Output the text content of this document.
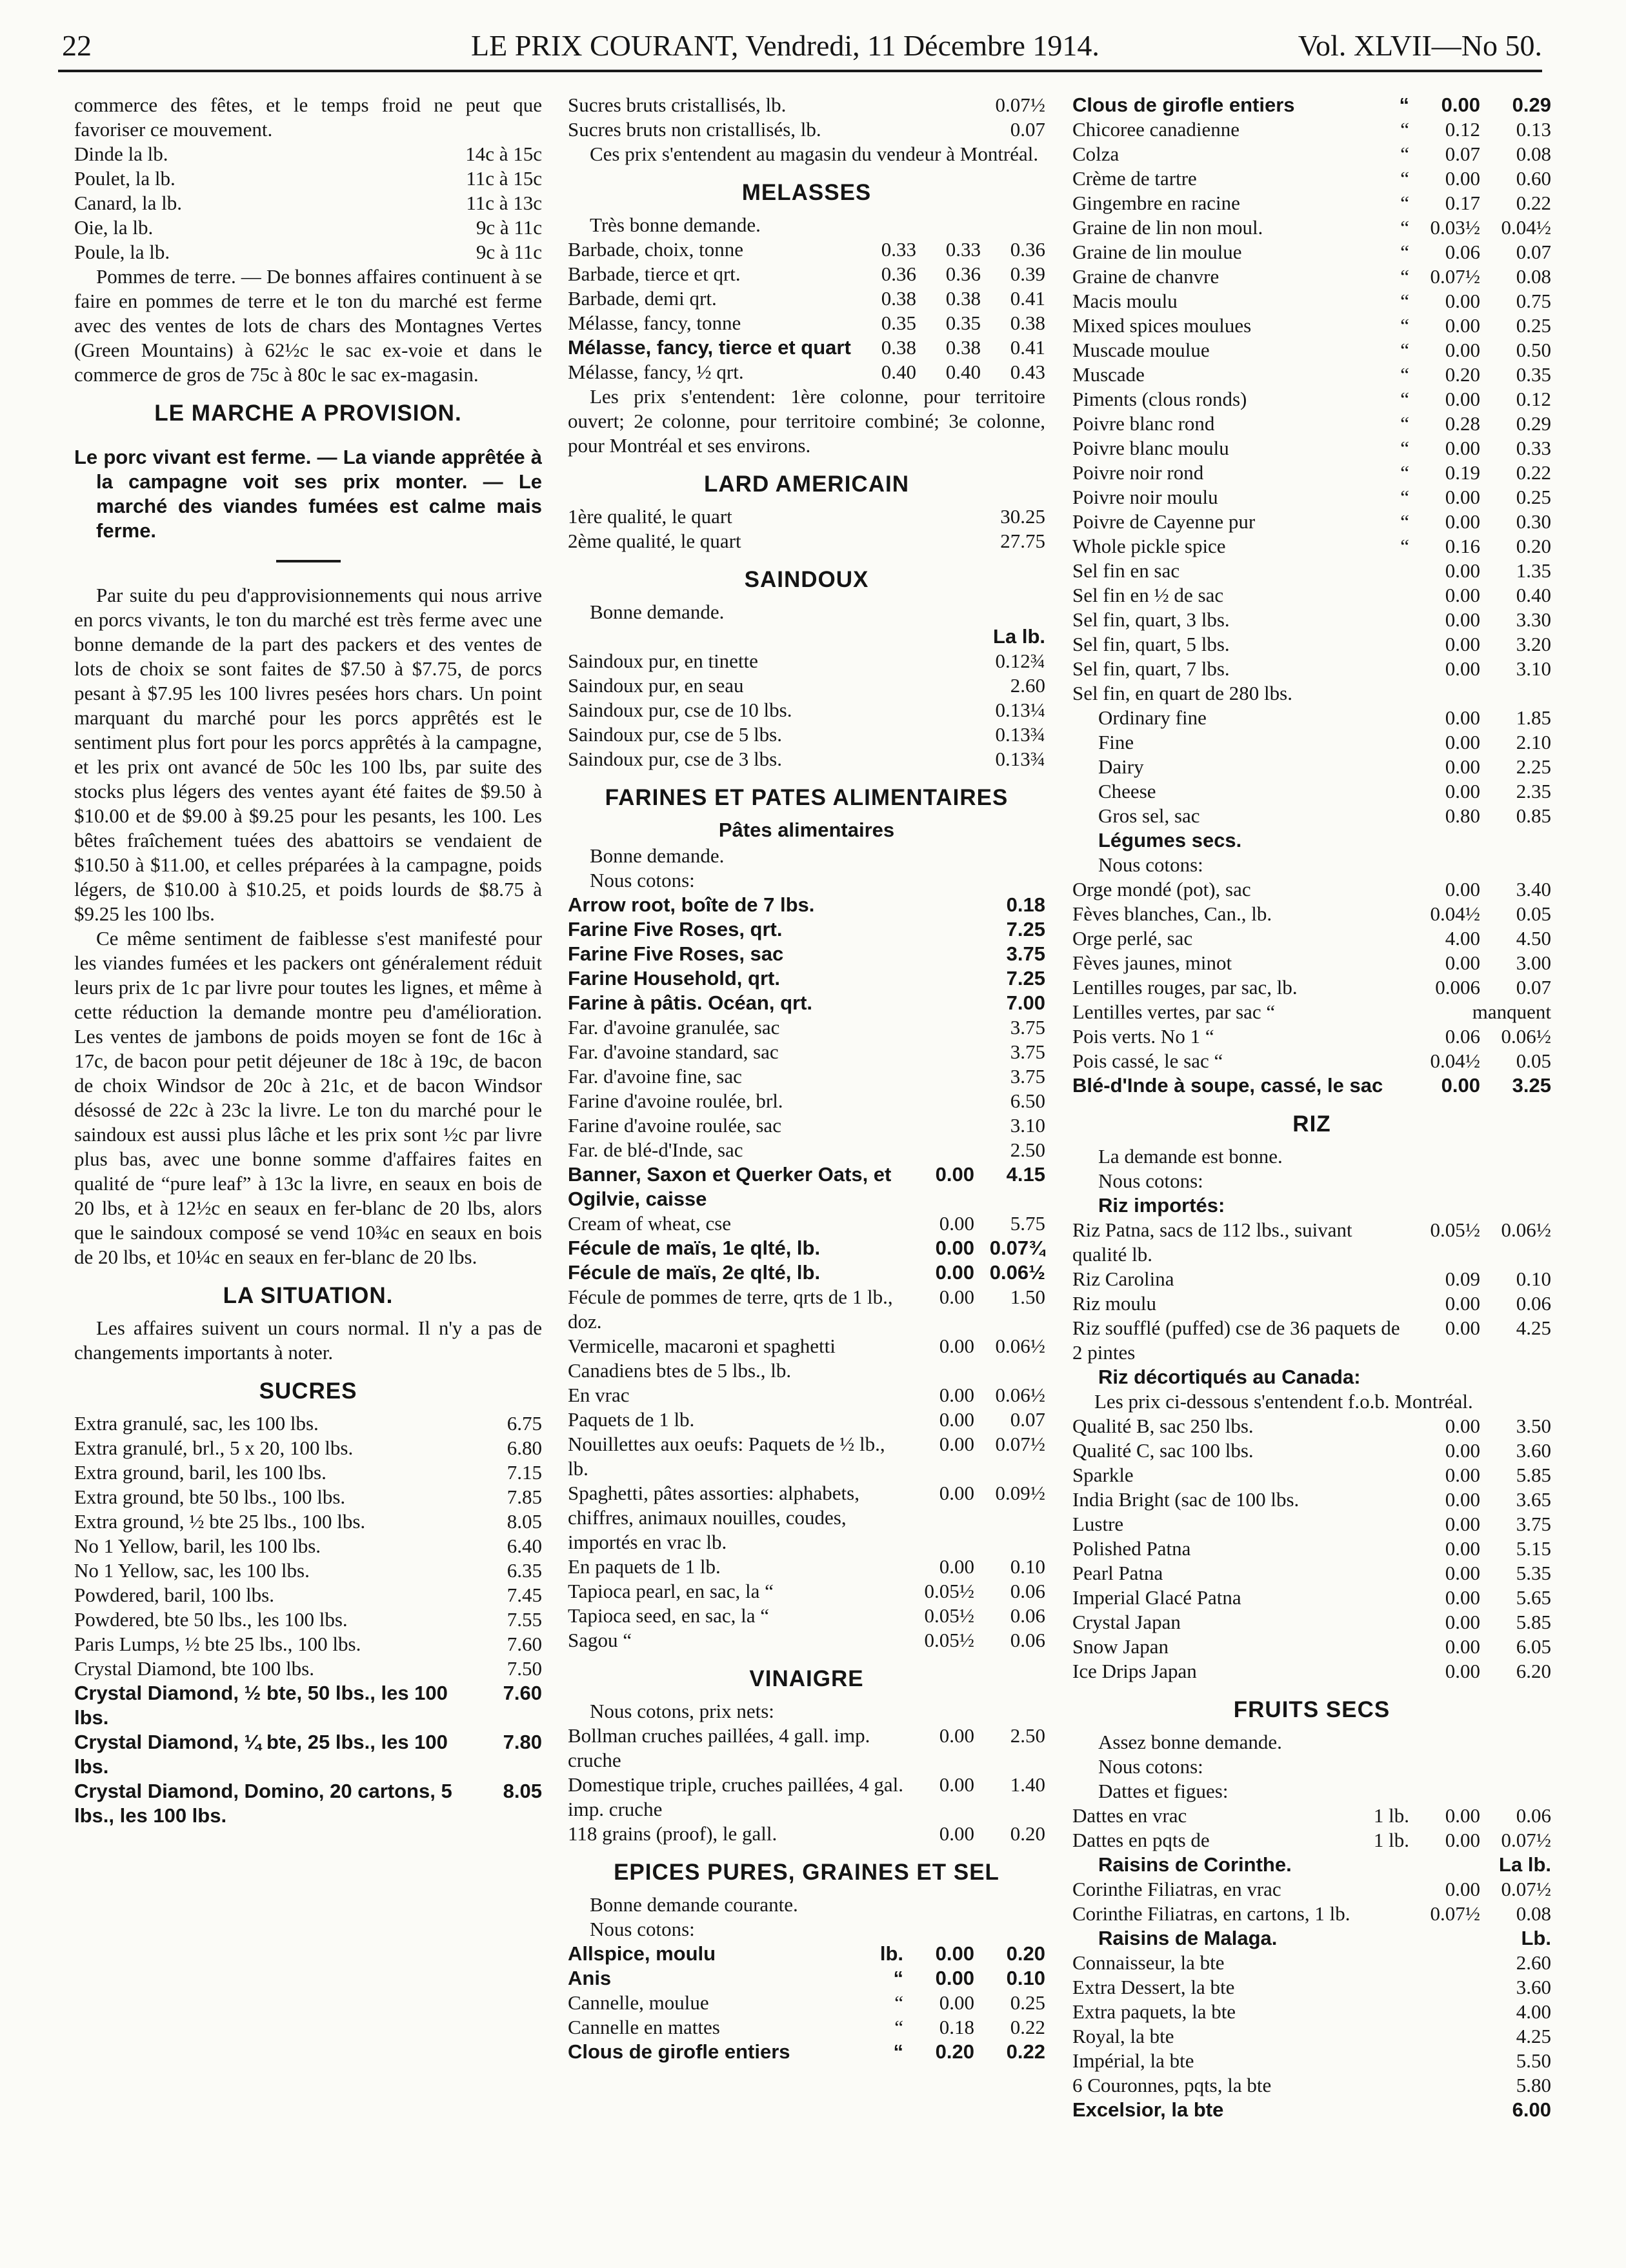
22	LE PRIX COURANT, Vendredi, 11 Décembre 1914.	Vol. XLVII—No 50.

commerce des fêtes, et le temps froid ne peut que favoriser ce mouvement.

Dinde la lb.	14c à 15c
Poulet, la lb.	11c à 15c
Canard, la lb.	11c à 13c
Oie, la lb.	9c à 11c
Poule, la lb.	9c à 11c

Pommes de terre. — De bonnes affaires continuent à se faire en pommes de terre et le ton du marché est ferme avec des ventes de lots de chars des Montagnes Vertes (Green Mountains) à 62½c le sac ex-voie et dans le commerce de gros de 75c à 80c le sac ex-magasin.

LE MARCHE A PROVISION.
Le porc vivant est ferme. — La viande apprêtée à la campagne voit ses prix monter. — Le marché des viandes fumées est calme mais ferme.

Par suite du peu d'approvisionnements qui nous arrive en porcs vivants, le ton du marché est très ferme avec une bonne demande de la part des packers et des ventes de lots de choix se sont faites de $7.50 à $7.75, de porcs pesant à $7.95 les 100 livres pesées hors chars. Un point marquant du marché pour les porcs apprêtés est le sentiment plus fort pour les porcs apprêtés à la campagne, et les prix ont avancé de 50c les 100 lbs, par suite des stocks plus légers des ventes ayant été faites de $9.50 à $10.00 et de $9.00 à $9.25 pour les pesants, les 100. Les bêtes fraîchement tuées des abattoirs se vendaient de $10.50 à $11.00, et celles préparées à la campagne, poids légers, de $10.00 à $10.25, et poids lourds de $8.75 à $9.25 les 100 lbs.

Ce même sentiment de faiblesse s'est manifesté pour les viandes fumées et les packers ont généralement réduit leurs prix de 1c par livre pour toutes les lignes, et même à cette réduction la demande montre peu d'amélioration. Les ventes de jambons de poids moyen se font de 16c à 17c, de bacon pour petit déjeuner de 18c à 19c, de bacon de choix Windsor de 20c à 21c, et de bacon Windsor désossé de 22c à 23c la livre. Le ton du marché pour le saindoux est aussi plus lâche et les prix sont ½c par livre plus bas, avec une bonne somme d'affaires faites en qualité de “pure leaf” à 13c la livre, en seaux en bois de 20 lbs, et à 12½c en seaux en fer-blanc de 20 lbs, alors que le saindoux composé se vend 10¾c en seaux en bois de 20 lbs, et 10¼c en seaux en fer-blanc de 20 lbs.

LA SITUATION.

Les affaires suivent un cours normal. Il n'y a pas de changements importants à noter.

SUCRES
Extra granulé, sac, les 100 lbs.	6.75
Extra granulé, brl., 5 x 20, 100 lbs.	6.80
Extra ground, baril, les 100 lbs.	7.15
Extra ground, bte 50 lbs., 100 lbs.	7.85
Extra ground, ½ bte 25 lbs., 100 lbs.	8.05
No 1 Yellow, baril, les 100 lbs.	6.40
No 1 Yellow, sac, les 100 lbs.	6.35
Powdered, baril, 100 lbs.	7.45
Powdered, bte 50 lbs., les 100 lbs.	7.55
Paris Lumps, ½ bte 25 lbs., 100 lbs.	7.60
Crystal Diamond, bte 100 lbs.	7.50
Crystal Diamond, ½ bte, 50 lbs., les 100 lbs.
7.60
Crystal Diamond, ¼ bte, 25 lbs., les 100 lbs.
7.80
Crystal Diamond, Domino, 20 cartons, 5 lbs., les 100 lbs.
8.05
Sucres bruts cristallisés, lb.	0.07½
Sucres bruts non cristallisés, lb.	0.07

Ces prix s'entendent au magasin du vendeur à Montréal.

MELASSES

Très bonne demande.

Barbade, choix, tonne	0.33	0.33	0.36
Barbade, tierce et qrt.	0.36	0.36	0.39
Barbade, demi qrt.	0.38	0.38	0.41
Mélasse, fancy, tonne	0.35	0.35	0.38
Mélasse, fancy, tierce et quart	0.38	0.38	0.41
Mélasse, fancy, ½ qrt.	0.40	0.40	0.43

Les prix s'entendent: 1ère colonne, pour territoire ouvert; 2e colonne, pour territoire combiné; 3e colonne, pour Montréal et ses environs.

LARD AMERICAIN
1ère qualité, le quart	30.25
2ème qualité, le quart	27.75
SAINDOUX

Bonne demande.

La lb.
Saindoux pur, en tinette	0.12¾
Saindoux pur, en seau	2.60
Saindoux pur, cse de 10 lbs.	0.13¼
Saindoux pur, cse de 5 lbs.	0.13¾
Saindoux pur, cse de 3 lbs.	0.13¾
FARINES ET PATES ALIMENTAIRES
Pâtes alimentaires

Bonne demande.

Nous cotons:

Arrow root, boîte de 7 lbs.	0.18
Farine Five Roses, qrt.	7.25
Farine Five Roses, sac	3.75
Farine Household, qrt.	7.25
Farine à pâtis. Océan, qrt.	7.00
Far. d'avoine granulée, sac	3.75
Far. d'avoine standard, sac	3.75
Far. d'avoine fine, sac	3.75
Farine d'avoine roulée, brl.	6.50
Farine d'avoine roulée, sac	3.10
Far. de blé-d'Inde, sac	2.50
Banner, Saxon et Querker Oats, et Ogilvie, caisse
0.00	4.15
Cream of wheat, cse	0.00	5.75
Fécule de maïs, 1e qlté, lb.	0.00 0.07¾
Fécule de maïs, 2e qlté, lb.	0.00 0.06½
Fécule de pommes de terre, qrts de 1 lb., doz.
0.00	1.50
Vermicelle, macaroni et spaghetti Canadiens btes de 5 lbs., lb.
0.00	0.06½
En vrac	0.00	0.06½
Paquets de 1 lb.	0.00	0.07
Nouillettes aux oeufs: Paquets de ½ lb., lb.
0.00	0.07½
Spaghetti, pâtes assorties: alphabets, chiffres, animaux nouilles, coudes, importés en vrac lb.
0.00	0.09½
En paquets de 1 lb.	0.00	0.10
Tapioca pearl, en sac, la “	0.05½	0.06
Tapioca seed, en sac, la “	0.05½	0.06
Sagou “	0.05½	0.06
VINAIGRE

Nous cotons, prix nets:

Bollman cruches paillées, 4 gall. imp. cruche
0.00	2.50
Domestique triple, cruches paillées, 4 gal. imp. cruche
0.00	1.40
118 grains (proof), le gall.	0.00	0.20
EPICES PURES, GRAINES ET SEL

Bonne demande courante.

Nous cotons:

Allspice, moulu	lb.	0.00	0.20
Anis	“	0.00	0.10
Cannelle, moulue	“	0.00	0.25
Cannelle en mattes	“	0.18	0.22
Clous de girofle entiers	“	0.20	0.22
Clous de girofle entiers	“	0.00	0.29
Chicoree canadienne	“	0.12	0.13
Colza	“	0.07	0.08
Crème de tartre	“	0.00	0.60
Gingembre en racine	“	0.17	0.22
Graine de lin non moul.	“	0.03½	0.04½
Graine de lin moulue	“	0.06	0.07
Graine de chanvre	“	0.07½	0.08
Macis moulu	“	0.00	0.75
Mixed spices moulues	“	0.00	0.25
Muscade moulue	“	0.00	0.50
Muscade	“	0.20	0.35
Piments (clous ronds)	“	0.00	0.12
Poivre blanc rond	“	0.28	0.29
Poivre blanc moulu	“	0.00	0.33
Poivre noir rond	“	0.19	0.22
Poivre noir moulu	“	0.00	0.25
Poivre de Cayenne pur	“	0.00	0.30
Whole pickle spice	“	0.16	0.20
Sel fin en sac	0.00	1.35
Sel fin en ½ de sac	0.00	0.40
Sel fin, quart, 3 lbs.	0.00	3.30
Sel fin, quart, 5 lbs.	0.00	3.20
Sel fin, quart, 7 lbs.	0.00	3.10
Sel fin, en quart de 280 lbs.
Ordinary fine	0.00	1.85
Fine	0.00	2.10
Dairy	0.00	2.25
Cheese	0.00	2.35
Gros sel, sac	0.80	0.85
Légumes secs.

Nous cotons:

Orge mondé (pot), sac	0.00	3.40
Fèves blanches, Can., lb.	0.04½	0.05
Orge perlé, sac	4.00	4.50
Fèves jaunes, minot	0.00	3.00
Lentilles rouges, par sac, lb.	0.006	0.07
Lentilles vertes, par sac “	manquent
Pois verts. No 1 “	0.06	0.06½
Pois cassé, le sac “	0.04½	0.05
Blé-d'Inde à soupe, cassé, le sac	0.00	3.25
RIZ

La demande est bonne.

Nous cotons:

Riz importés:
Riz Patna, sacs de 112 lbs., suivant qualité lb.
0.05½	0.06½
Riz Carolina	0.09	0.10
Riz moulu	0.00	0.06
Riz soufflé (puffed) cse de 36 paquets de 2 pintes
0.00	4.25
Riz décortiqués au Canada:

Les prix ci-dessous s'entendent f.o.b. Montréal.

Qualité B, sac 250 lbs.	0.00	3.50
Qualité C, sac 100 lbs.	0.00	3.60
Sparkle	0.00	5.85
India Bright (sac de 100 lbs.	0.00	3.65
Lustre	0.00	3.75
Polished Patna	0.00	5.15
Pearl Patna	0.00	5.35
Imperial Glacé Patna	0.00	5.65
Crystal Japan	0.00	5.85
Snow Japan	0.00	6.05
Ice Drips Japan	0.00	6.20
FRUITS SECS

Assez bonne demande.

Nous cotons:

Dattes et figues:

Dattes en vrac	1 lb.	0.00	0.06
Dattes en pqts de	1 lb.	0.00	0.07½
Raisins de Corinthe.	La lb.
Corinthe Filiatras, en vrac	0.00	0.07½
Corinthe Filiatras, en cartons, 1 lb.	0.07½	0.08
Raisins de Malaga.	Lb.
Connaisseur, la bte	2.60
Extra Dessert, la bte	3.60
Extra paquets, la bte	4.00
Royal, la bte	4.25
Impérial, la bte	5.50
6 Couronnes, pqts, la bte	5.80
Excelsior, la bte	6.00
